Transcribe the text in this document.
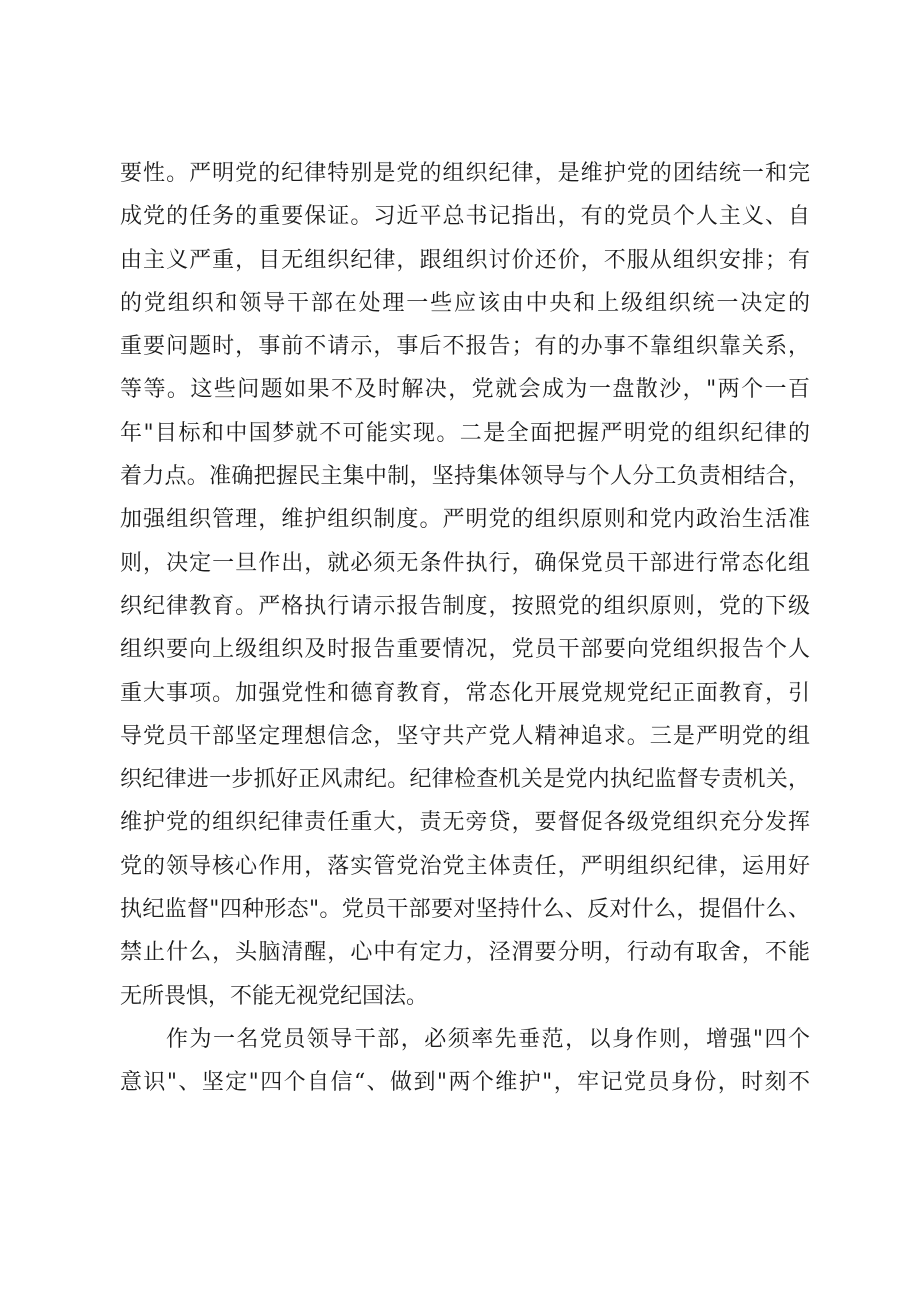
要性。严明党的纪律特别是党的组织纪律，是维护党的团结统一和完
成党的任务的重要保证。习近平总书记指出，有的党员个人主义、自
由主义严重，目无组织纪律，跟组织讨价还价，不服从组织安排；有
的党组织和领导干部在处理一些应该由中央和上级组织统一决定的
重要问题时，事前不请示，事后不报告；有的办事不靠组织靠关系，
等等。这些问题如果不及时解决，党就会成为一盘散沙，"两个一百
年"目标和中国梦就不可能实现。二是全面把握严明党的组织纪律的
着力点。准确把握民主集中制，坚持集体领导与个人分工负责相结合，
加强组织管理，维护组织制度。严明党的组织原则和党内政治生活准
则，决定一旦作出，就必须无条件执行，确保党员干部进行常态化组
织纪律教育。严格执行请示报告制度，按照党的组织原则，党的下级
组织要向上级组织及时报告重要情况，党员干部要向党组织报告个人
重大事项。加强党性和德育教育，常态化开展党规党纪正面教育，引
导党员干部坚定理想信念，坚守共产党人精神追求。三是严明党的组
织纪律进一步抓好正风肃纪。纪律检查机关是党内执纪监督专责机关，
维护党的组织纪律责任重大，责无旁贷，要督促各级党组织充分发挥
党的领导核心作用，落实管党治党主体责任，严明组织纪律，运用好
执纪监督"四种形态"。党员干部要对坚持什么、反对什么，提倡什么、
禁止什么，头脑清醒，心中有定力，泾渭要分明，行动有取舍，不能
无所畏惧，不能无视党纪国法。
作为一名党员领导干部，必须率先垂范，以身作则，增强"四个
意识"、坚定"四个自信“、做到"两个维护"，牢记党员身份，时刻不
